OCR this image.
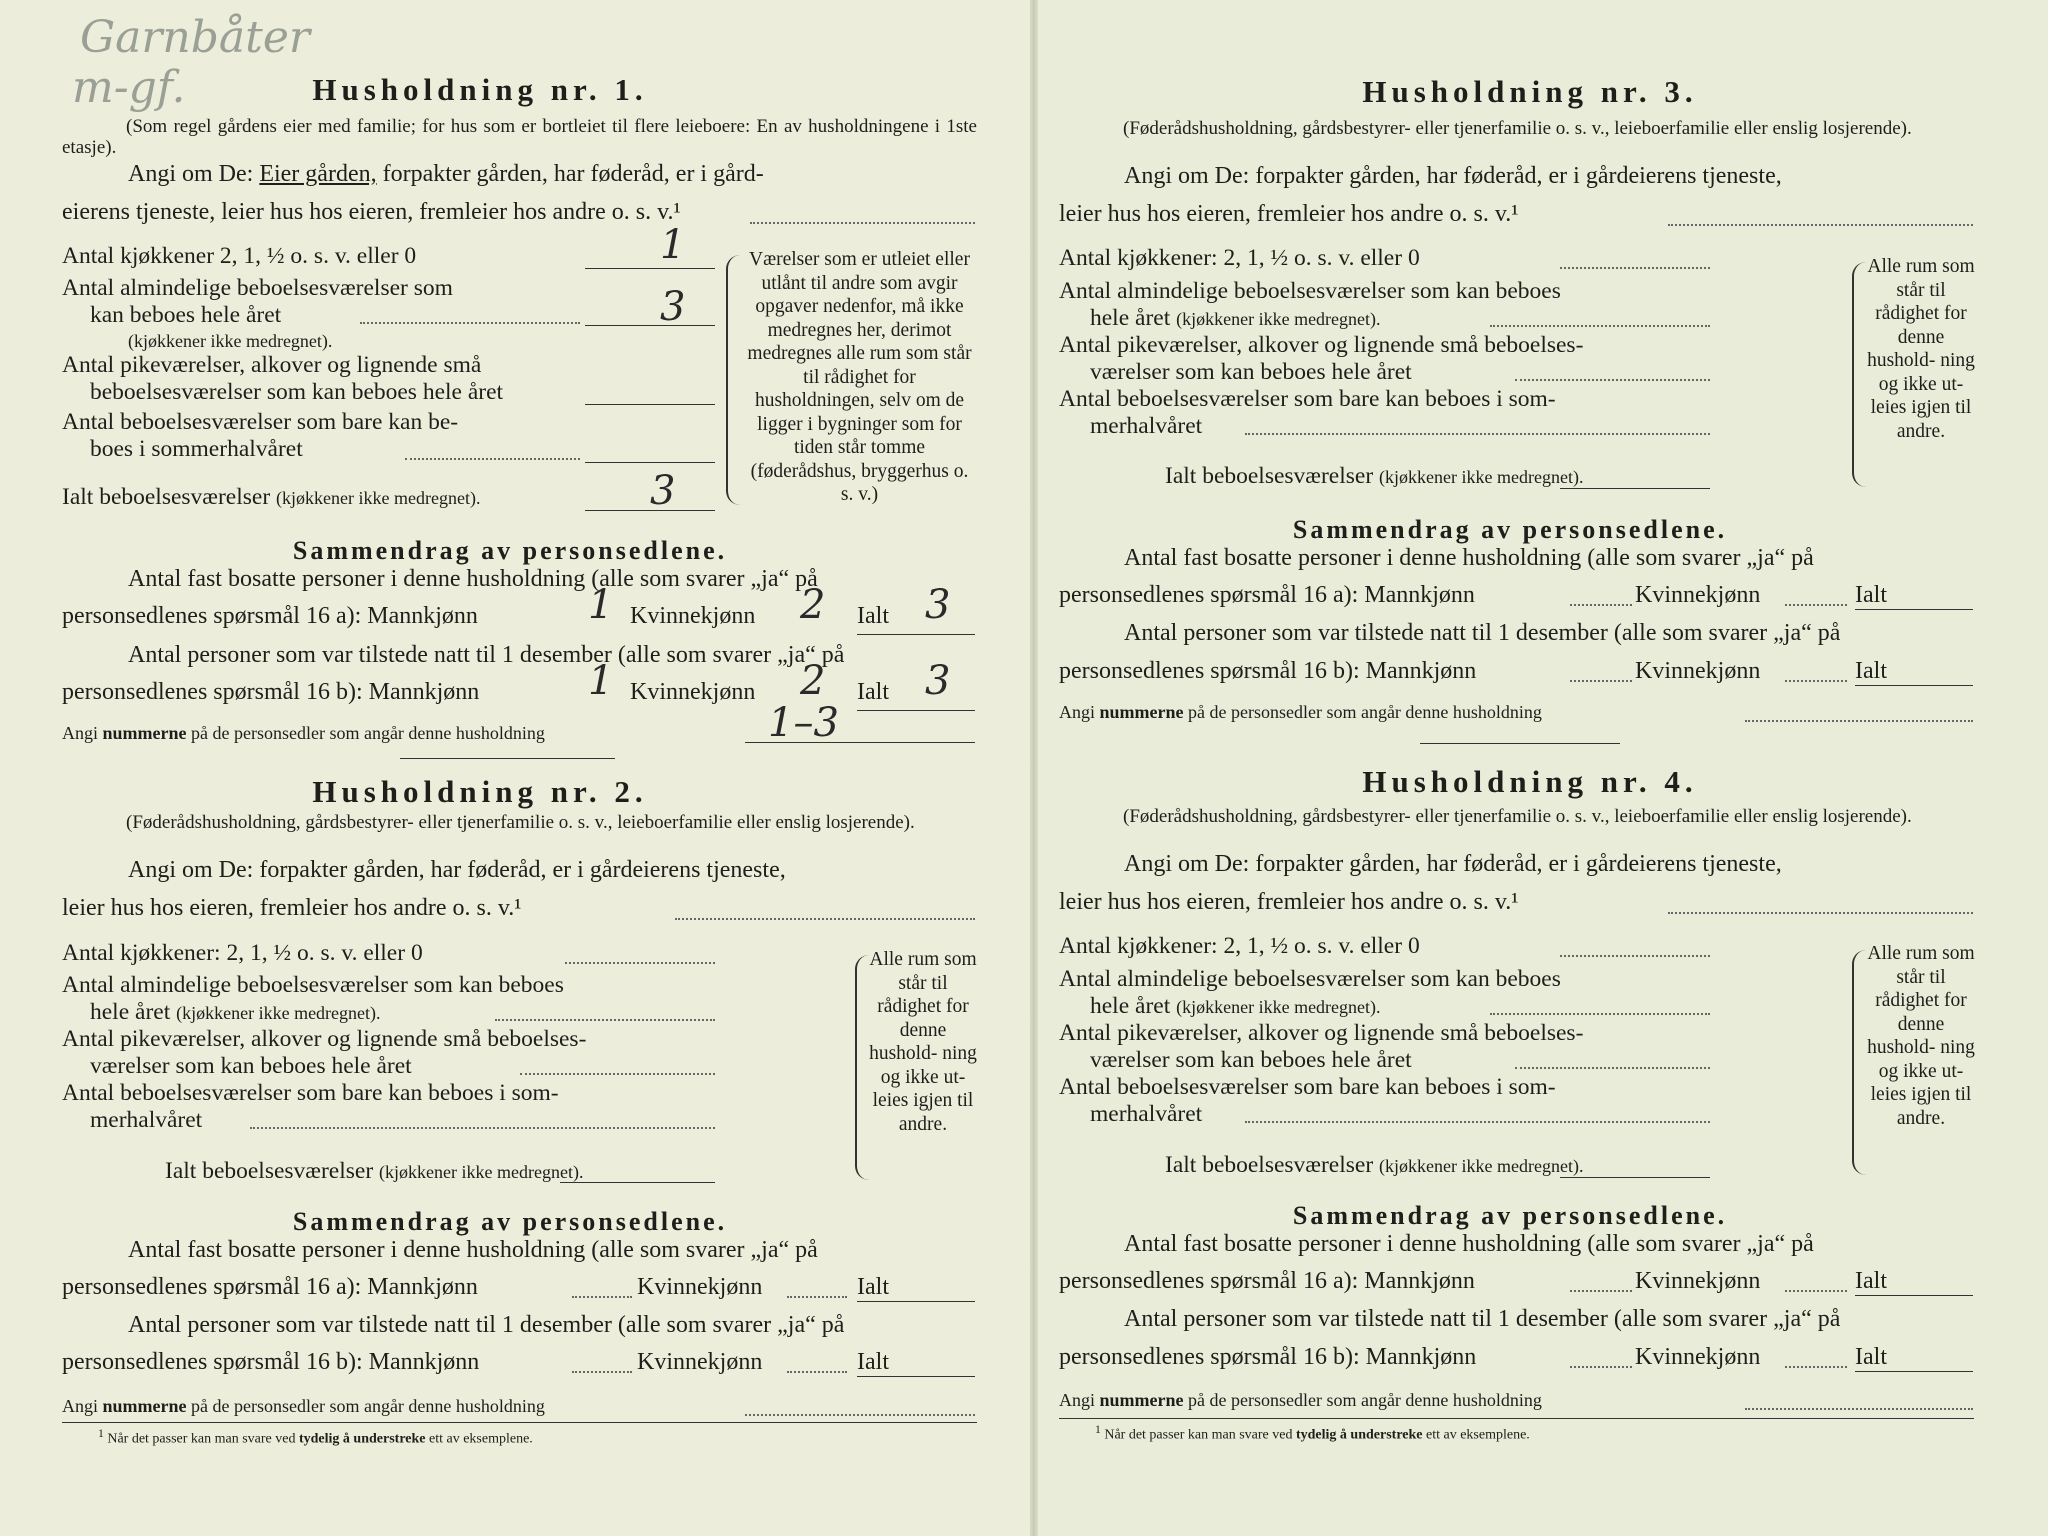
Garnbåter
m-gf.	Husholdning nr. 1.
(Som regel gårdens eier med familie; for hus som er bortleiet til flere leieboere: En av husholdningene i 1ste etasje).
Angi om De: Eier gården, forpakter gården, har føderåd, er i gård-
eierens tjeneste, leier hus hos eieren, fremleier hos andre o. s. v.¹
Antal kjøkkener 2, 1, ½ o. s. v. eller 0	1
Antal almindelige beboelsesværelser som
kan beboes hele året	3
(kjøkkener ikke medregnet).
Antal pikeværelser, alkover og lignende små
beboelsesværelser som kan beboes hele året
Antal beboelsesværelser som bare kan be-
boes i sommerhalvåret
Ialt beboelsesværelser (kjøkkener ikke medregnet).	3
Værelser som er utleiet eller utlånt til andre som avgir opgaver nedenfor, må ikke medregnes her, derimot medregnes alle rum som står til rådighet for husholdningen, selv om de ligger i bygninger som for tiden står tomme (føderådshus, bryggerhus o. s. v.)
Sammendrag av personsedlene.
Antal fast bosatte personer i denne husholdning (alle som svarer „ja“ på
personsedlenes spørsmål 16 a): Mannkjønn	1 Kvinnekjønn 2 Ialt 3
Antal personer som var tilstede natt til 1 desember (alle som svarer „ja“ på
personsedlenes spørsmål 16 b): Mannkjønn	1 Kvinnekjønn 2 Ialt 3
Angi nummerne på de personsedler som angår denne husholdning	1–3
Husholdning nr. 2.
(Føderådshusholdning, gårdsbestyrer- eller tjenerfamilie o. s. v., leieboerfamilie eller enslig losjerende).
Angi om De: forpakter gården, har føderåd, er i gårdeierens tjeneste,
leier hus hos eieren, fremleier hos andre o. s. v.¹
Antal kjøkkener: 2, 1, ½ o. s. v. eller 0
Antal almindelige beboelsesværelser som kan beboes
hele året (kjøkkener ikke medregnet).
Antal pikeværelser, alkover og lignende små beboelses-
værelser som kan beboes hele året
Antal beboelsesværelser som bare kan beboes i som-
merhalvåret
Ialt beboelsesværelser (kjøkkener ikke medregnet).
Alle rum som står til rådighet for denne hushold- ning og ikke ut- leies igjen til andre.
Sammendrag av personsedlene.
Antal fast bosatte personer i denne husholdning (alle som svarer „ja“ på
personsedlenes spørsmål 16 a): Mannkjønn	Kvinnekjønn	Ialt
Antal personer som var tilstede natt til 1 desember (alle som svarer „ja“ på
personsedlenes spørsmål 16 b): Mannkjønn	Kvinnekjønn	Ialt
Angi nummerne på de personsedler som angår denne husholdning
$^1$ Når det passer kan man svare ved tydelig å understreke ett av eksemplene.
Husholdning nr. 3.
(Føderådshusholdning, gårdsbestyrer- eller tjenerfamilie o. s. v., leieboerfamilie eller enslig losjerende).
Angi om De: forpakter gården, har føderåd, er i gårdeierens tjeneste,
leier hus hos eieren, fremleier hos andre o. s. v.¹
Antal kjøkkener: 2, 1, ½ o. s. v. eller 0
Antal almindelige beboelsesværelser som kan beboes
hele året (kjøkkener ikke medregnet).
Antal pikeværelser, alkover og lignende små beboelses-
værelser som kan beboes hele året
Antal beboelsesværelser som bare kan beboes i som-
merhalvåret
Ialt beboelsesværelser (kjøkkener ikke medregnet).
Alle rum som står til rådighet for denne hushold- ning og ikke ut- leies igjen til andre.
Sammendrag av personsedlene.
Antal fast bosatte personer i denne husholdning (alle som svarer „ja“ på
personsedlenes spørsmål 16 a): Mannkjønn	Kvinnekjønn	Ialt
Antal personer som var tilstede natt til 1 desember (alle som svarer „ja“ på
personsedlenes spørsmål 16 b): Mannkjønn	Kvinnekjønn	Ialt
Angi nummerne på de personsedler som angår denne husholdning
Husholdning nr. 4.
(Føderådshusholdning, gårdsbestyrer- eller tjenerfamilie o. s. v., leieboerfamilie eller enslig losjerende).
Angi om De: forpakter gården, har føderåd, er i gårdeierens tjeneste,
leier hus hos eieren, fremleier hos andre o. s. v.¹
Antal kjøkkener: 2, 1, ½ o. s. v. eller 0
Antal almindelige beboelsesværelser som kan beboes
hele året (kjøkkener ikke medregnet).
Antal pikeværelser, alkover og lignende små beboelses-
værelser som kan beboes hele året
Antal beboelsesværelser som bare kan beboes i som-
merhalvåret
Ialt beboelsesværelser (kjøkkener ikke medregnet).
Alle rum som står til rådighet for denne hushold- ning og ikke ut- leies igjen til andre.
Sammendrag av personsedlene.
Antal fast bosatte personer i denne husholdning (alle som svarer „ja“ på
personsedlenes spørsmål 16 a): Mannkjønn	Kvinnekjønn	Ialt
Antal personer som var tilstede natt til 1 desember (alle som svarer „ja“ på
personsedlenes spørsmål 16 b): Mannkjønn	Kvinnekjønn	Ialt
Angi nummerne på de personsedler som angår denne husholdning
$^1$ Når det passer kan man svare ved tydelig å understreke ett av eksemplene.
